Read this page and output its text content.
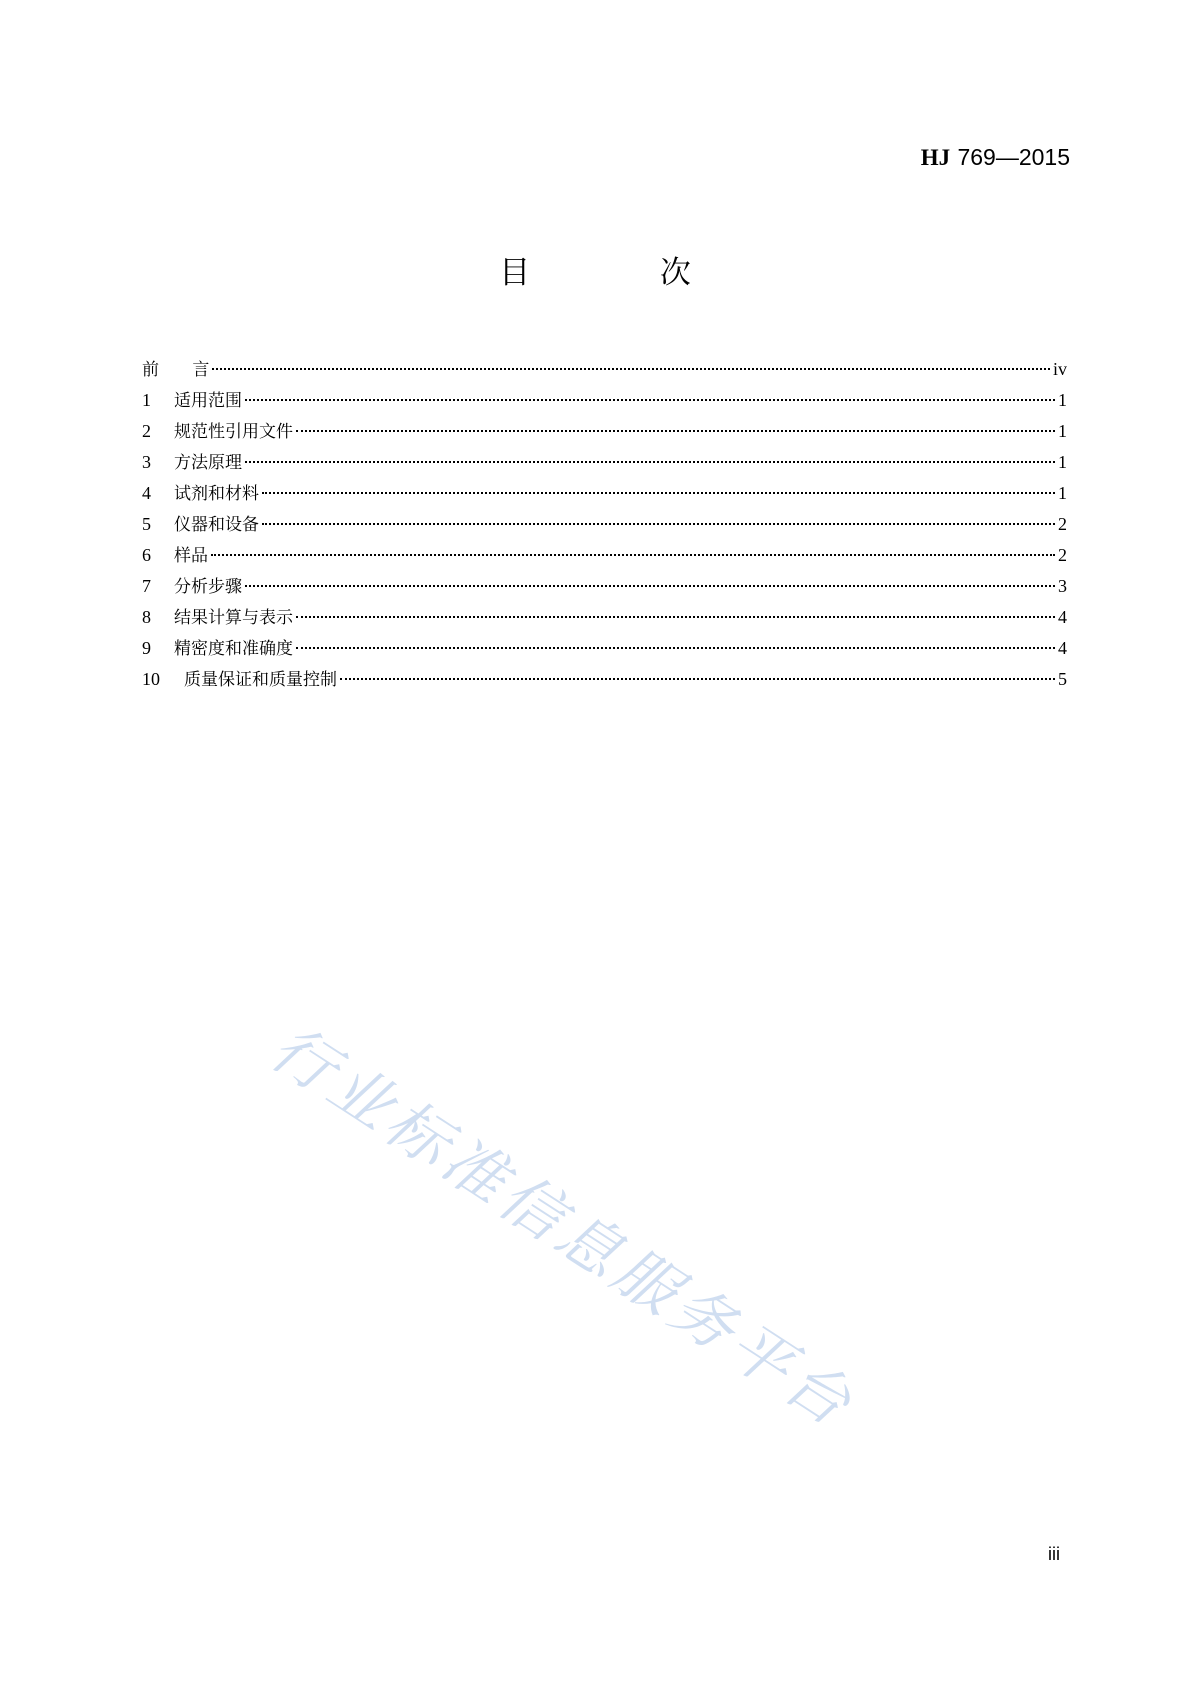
HJ 769—2015
目 次
前 言	iv
1	适用范围	1
2	规范性引用文件	1
3	方法原理	1
4	试剂和材料	1
5	仪器和设备	2
6	样品	2
7	分析步骤	3
8	结果计算与表示	4
9	精密度和准确度	4
10	质量保证和质量控制	5
行业标准信息服务平台
iii
